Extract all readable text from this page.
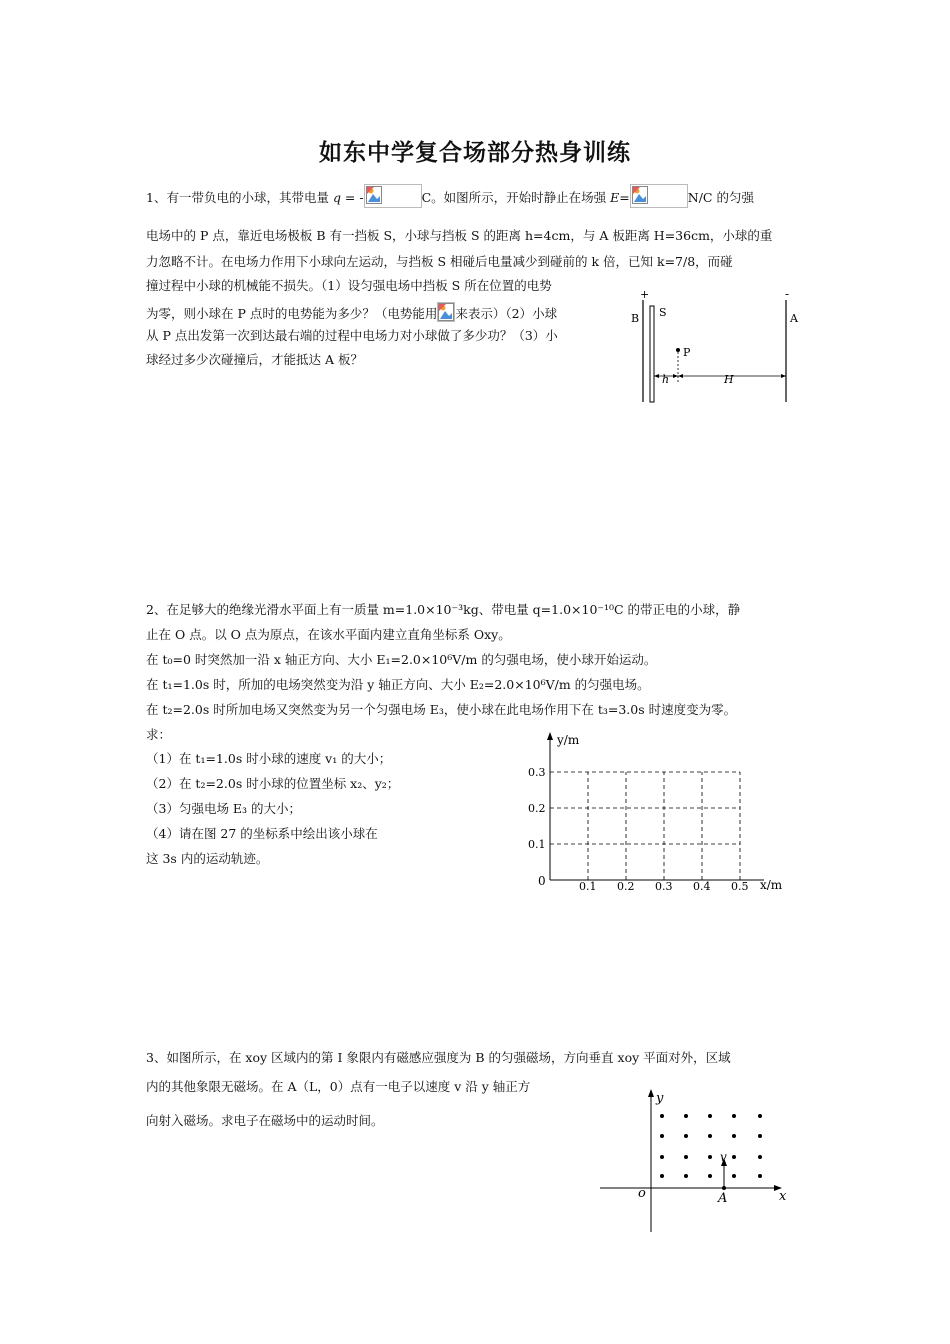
如东中学复合场部分热身训练
1、有一带负电的小球，其带电量 q = -	C。如图所示，开始时静止在场强 E=	N/C 的匀强
电场中的 P 点，靠近电场极板 B 有一挡板 S，小球与挡板 S 的距离 h=4cm，与 A 板距离 H=36cm，小球的重
力忽略不计。在电场力作用下小球向左运动，与挡板 S 相碰后电量减少到碰前的 k 倍，已知 k=7/8，而碰
撞过程中小球的机械能不损失。（1）设匀强电场中挡板 S 所在位置的电势
为零，则小球在 P 点时的电势能为多少？（电势能用 来表示）（2）小球
从 P 点出发第一次到达最右端的过程中电场力对小球做了多少功？（3）小
球经过多少次碰撞后，才能抵达 A 板？
+	-
B S	A
P
h	H
2、在足够大的绝缘光滑水平面上有一质量 m=1.0×10⁻³kg、带电量 q=1.0×10⁻¹⁰C 的带正电的小球，静
止在 O 点。以 O 点为原点，在该水平面内建立直角坐标系 Oxy。
在 t₀=0 时突然加一沿 x 轴正方向、大小 E₁=2.0×10⁶V/m 的匀强电场，使小球开始运动。
在 t₁=1.0s 时，所加的电场突然变为沿 y 轴正方向、大小 E₂=2.0×10⁶V/m 的匀强电场。
在 t₂=2.0s 时所加电场又突然变为另一个匀强电场 E₃，使小球在此电场作用下在 t₃=3.0s 时速度变为零。
求：
（1）在 t₁=1.0s 时小球的速度 v₁ 的大小；
（2）在 t₂=2.0s 时小球的位置坐标 x₂、y₂；
（3）匀强电场 E₃ 的大小；
（4）请在图 27 的坐标系中绘出该小球在
这 3s 内的运动轨迹。
0.1 0.2 0.3 0.4 0.5
0.1
0.2
0.3
y/m
x/m
0
3、如图所示，在 xoy 区域内的第 I 象限内有磁感应强度为 B 的匀强磁场，方向垂直 xoy 平面对外，区域
内的其他象限无磁场。在 A（L，0）点有一电子以速度 v 沿 y 轴正方
向射入磁场。求电子在磁场中的运动时间。
y
x
o
v
A
